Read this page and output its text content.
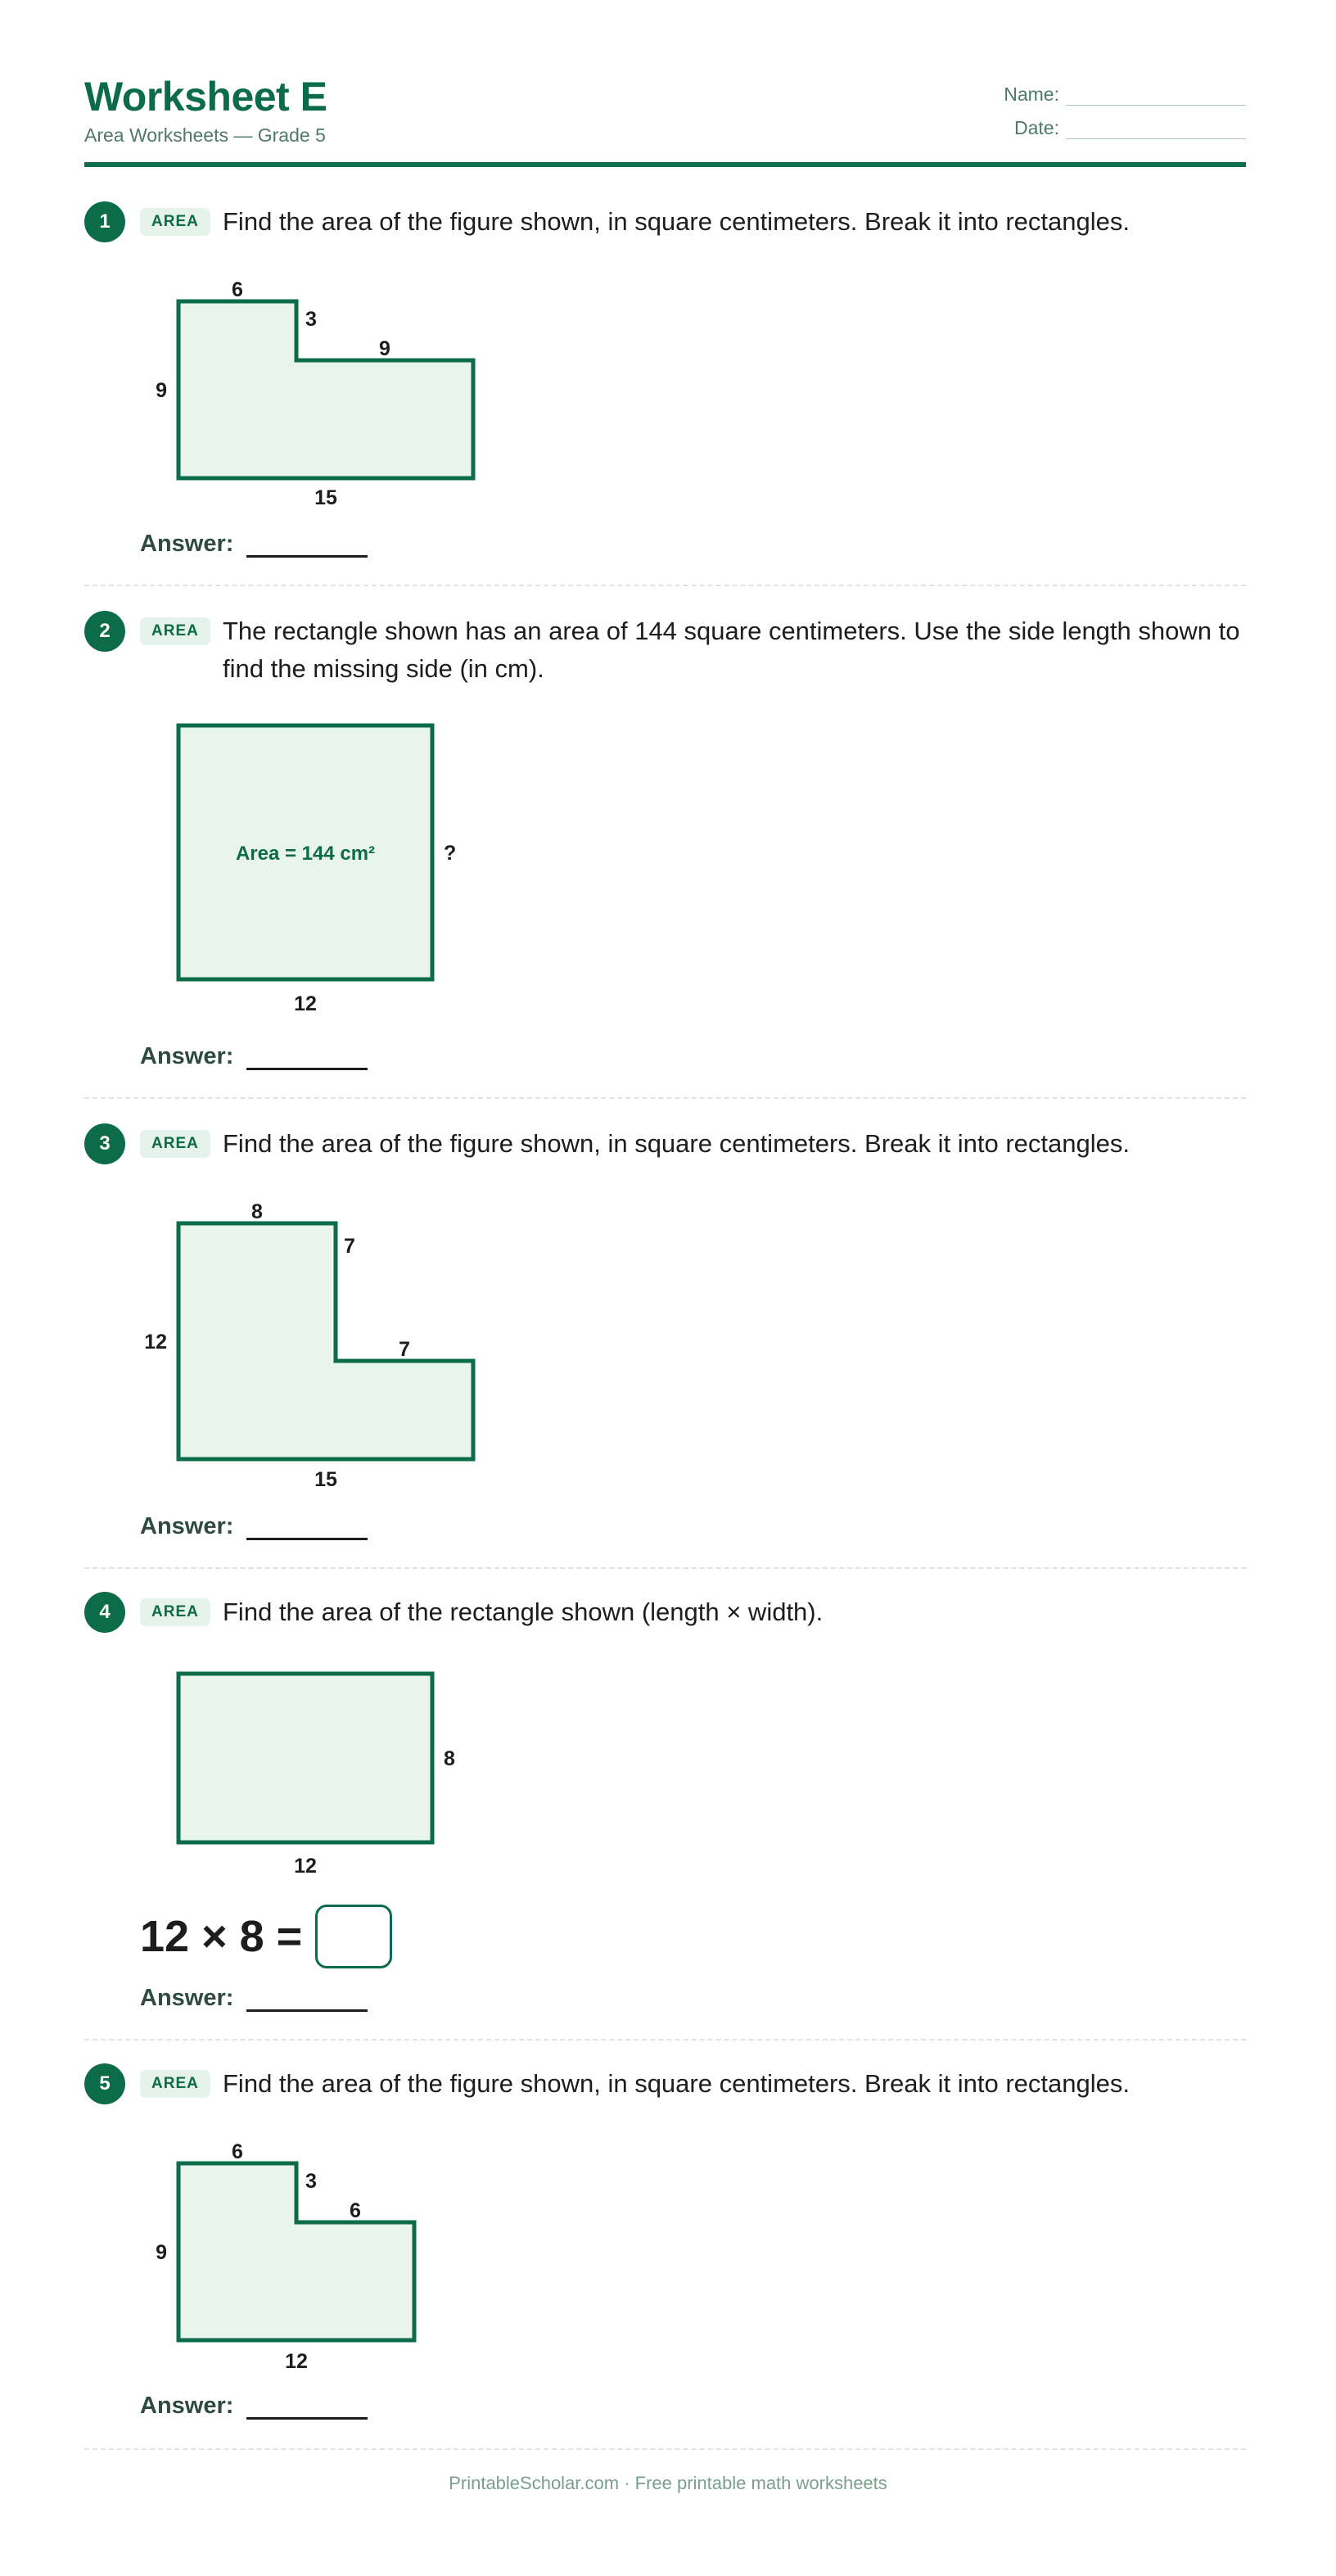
Worksheet E
Area Worksheets — Grade 5
Name:
Date:
1	AREA Find the area of the figure shown, in square centimeters. Break it into rectangles.
6
3
9
9
15
Answer:
2	AREA The rectangle shown has an area of 144 square centimeters. Use the side length shown to find the missing side (in cm).
Area = 144 cm²	?
12
Answer:
3	AREA Find the area of the figure shown, in square centimeters. Break it into rectangles.
8
7
7
12
15
Answer:
4	AREA Find the area of the rectangle shown (length × width).
8
12
12 × 8 =
Answer:
5	AREA Find the area of the figure shown, in square centimeters. Break it into rectangles.
6
3
6
9
12
Answer:
PrintableScholar.com · Free printable math worksheets
